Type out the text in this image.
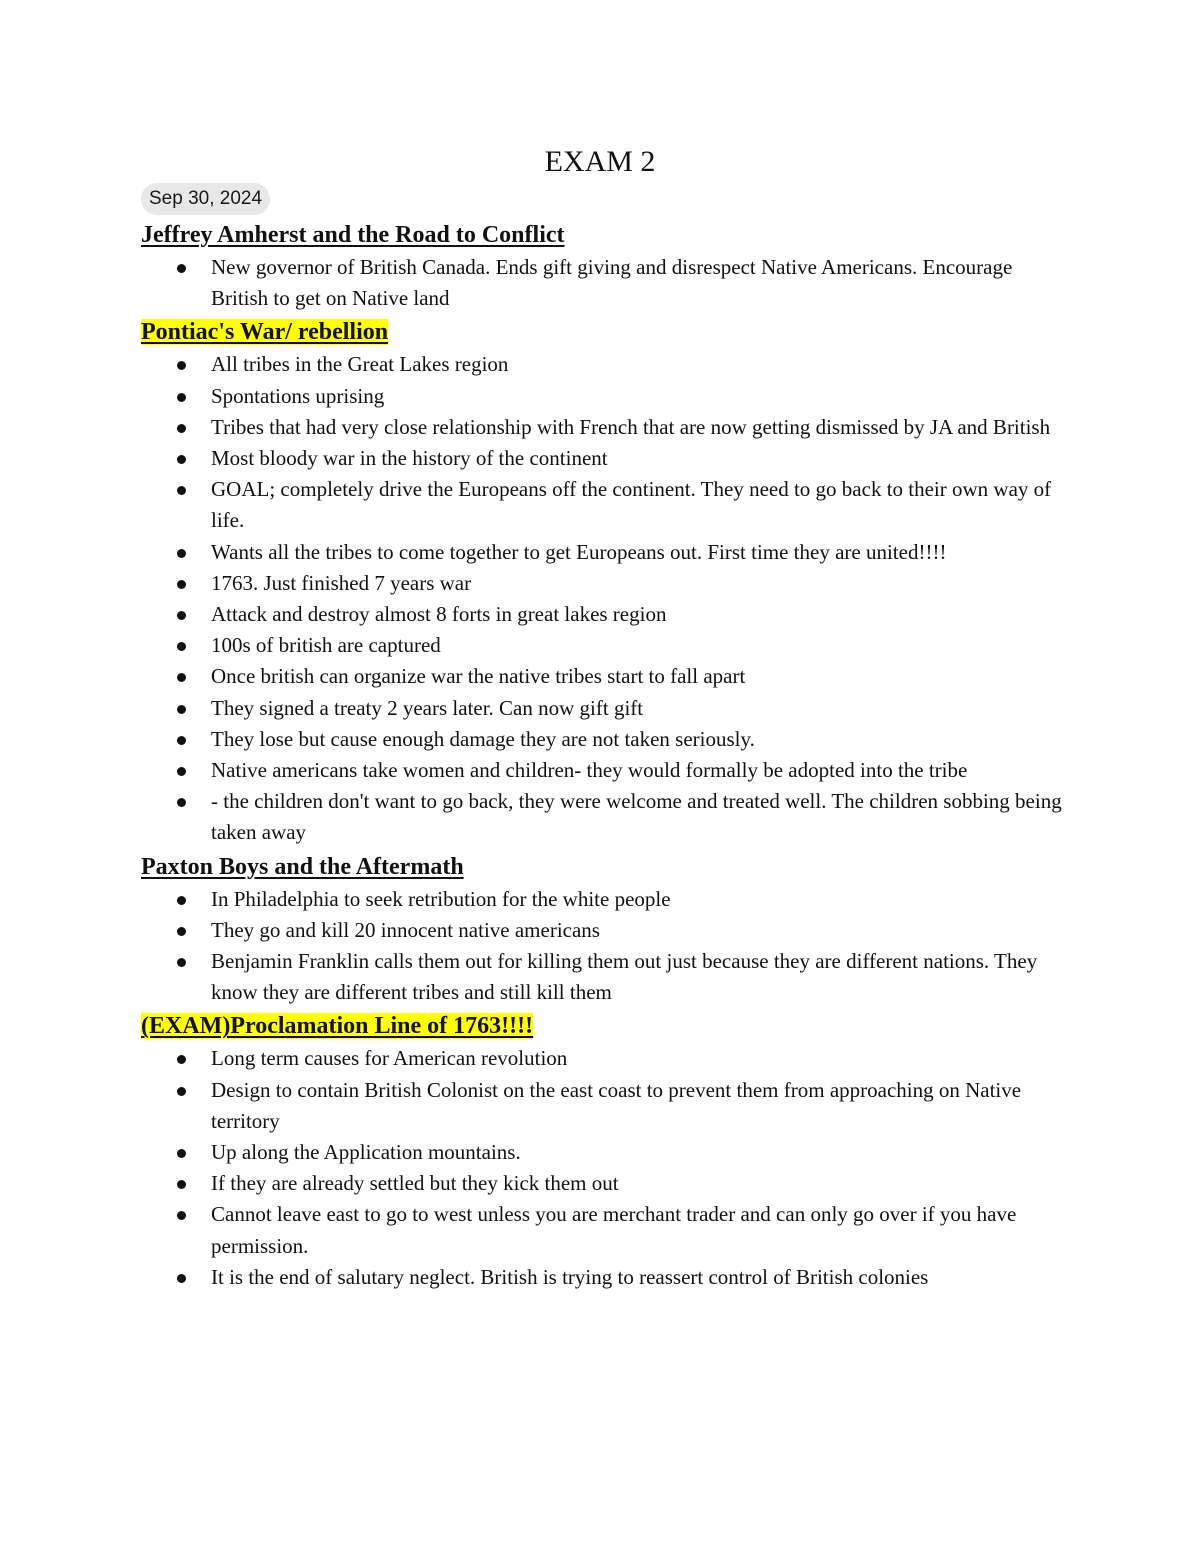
EXAM 2
Sep 30, 2024
Jeffrey Amherst and the Road to Conflict
New governor of British Canada. Ends gift giving and disrespect Native Americans. Encourage British to get on Native land
Pontiac's War/ rebellion
All tribes in the Great Lakes region
Spontations uprising
Tribes that had very close relationship with French that are now getting dismissed by JA and British
Most bloody war in the history of the continent
GOAL; completely drive the Europeans off the continent. They need to go back to their own way of life.
Wants all the tribes to come together to get Europeans out. First time they are united!!!!
1763. Just finished 7 years war
Attack and destroy almost 8 forts in great lakes region
100s of british are captured
Once british can organize war the native tribes start to fall apart
They signed a treaty 2 years later. Can now gift gift
They lose but cause enough damage they are not taken seriously.
Native americans take women and children- they would formally be adopted into the tribe
- the children don't want to go back, they were welcome and treated well. The children sobbing being taken away
Paxton Boys and the Aftermath
In Philadelphia to seek retribution for the white people
They go and kill 20 innocent native americans
Benjamin Franklin calls them out for killing them out just because they are different nations. They know they are different tribes and still kill them
(EXAM)Proclamation Line of 1763!!!!
Long term causes for American revolution
Design to contain British Colonist on the east coast to prevent them from approaching on Native territory
Up along the Application mountains.
If they are already settled but they kick them out
Cannot leave east to go to west unless you are merchant trader and can only go over if you have permission.
It is the end of salutary neglect. British is trying to reassert control of British colonies
